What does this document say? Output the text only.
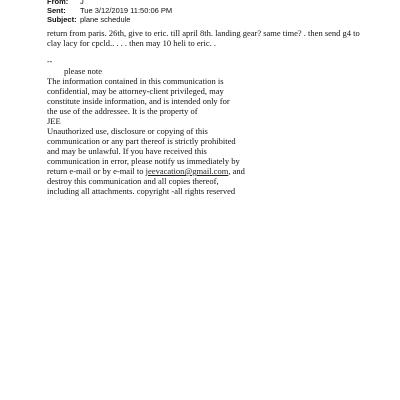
From:	J
Sent:	Tue 3/12/2019 11:50:06 PM
Subject: plane schedule
return from paris. 26th, give to eric. till april 8th. landing gear? same time? . then send g4 to
clay lacy for cpcld.. . . . then may 10 heli to eric. .
--
please note
The information contained in this communication is
confidential, may be attorney-client privileged, may
constitute inside information, and is intended only for
the use of the addressee. It is the property of
JEE
Unauthorized use, disclosure or copying of this
communication or any part thereof is strictly prohibited
and may be unlawful. If you have received this
communication in error, please notify us immediately by
return e-mail or by e-mail to jeevacation@gmail.com, and
destroy this communication and all copies thereof,
including all attachments. copyright -all rights reserved
